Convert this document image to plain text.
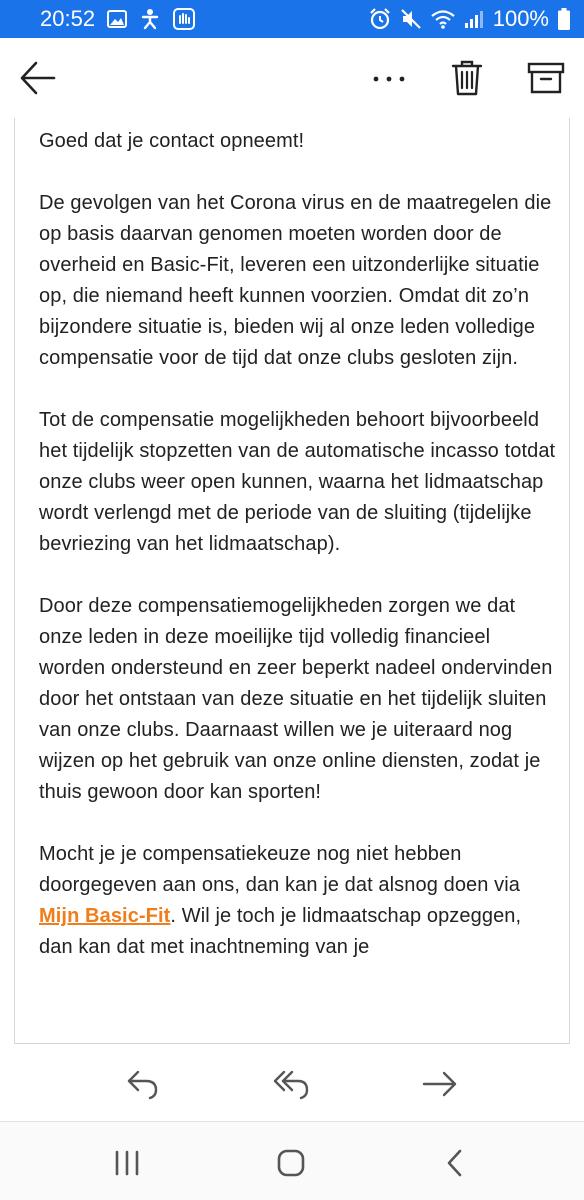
20:52	100%

Goed dat je contact opneemt!

De gevolgen van het Corona virus en de maatregelen die op basis daarvan genomen moeten worden door de overheid en Basic-Fit, leveren een uitzonderlijke situatie op, die niemand heeft kunnen voorzien. Omdat dit zo’n bijzondere situatie is, bieden wij al onze leden volledige compensatie voor de tijd dat onze clubs gesloten zijn.

Tot de compensatie mogelijkheden behoort bijvoorbeeld het tijdelijk stopzetten van de automatische incasso totdat onze clubs weer open kunnen, waarna het lidmaatschap wordt verlengd met de periode van de sluiting (tijdelijke bevriezing van het lidmaatschap).

Door deze compensatiemogelijkheden zorgen we dat onze leden in deze moeilijke tijd volledig financieel worden ondersteund en zeer beperkt nadeel ondervinden door het ontstaan van deze situatie en het tijdelijk sluiten van onze clubs. Daarnaast willen we je uiteraard nog wijzen op het gebruik van onze online diensten, zodat je thuis gewoon door kan sporten!

Mocht je je compensatiekeuze nog niet hebben doorgegeven aan ons, dan kan je dat alsnog doen via Mijn Basic-Fit. Wil je toch je lidmaatschap opzeggen, dan kan dat met inachtneming van je
